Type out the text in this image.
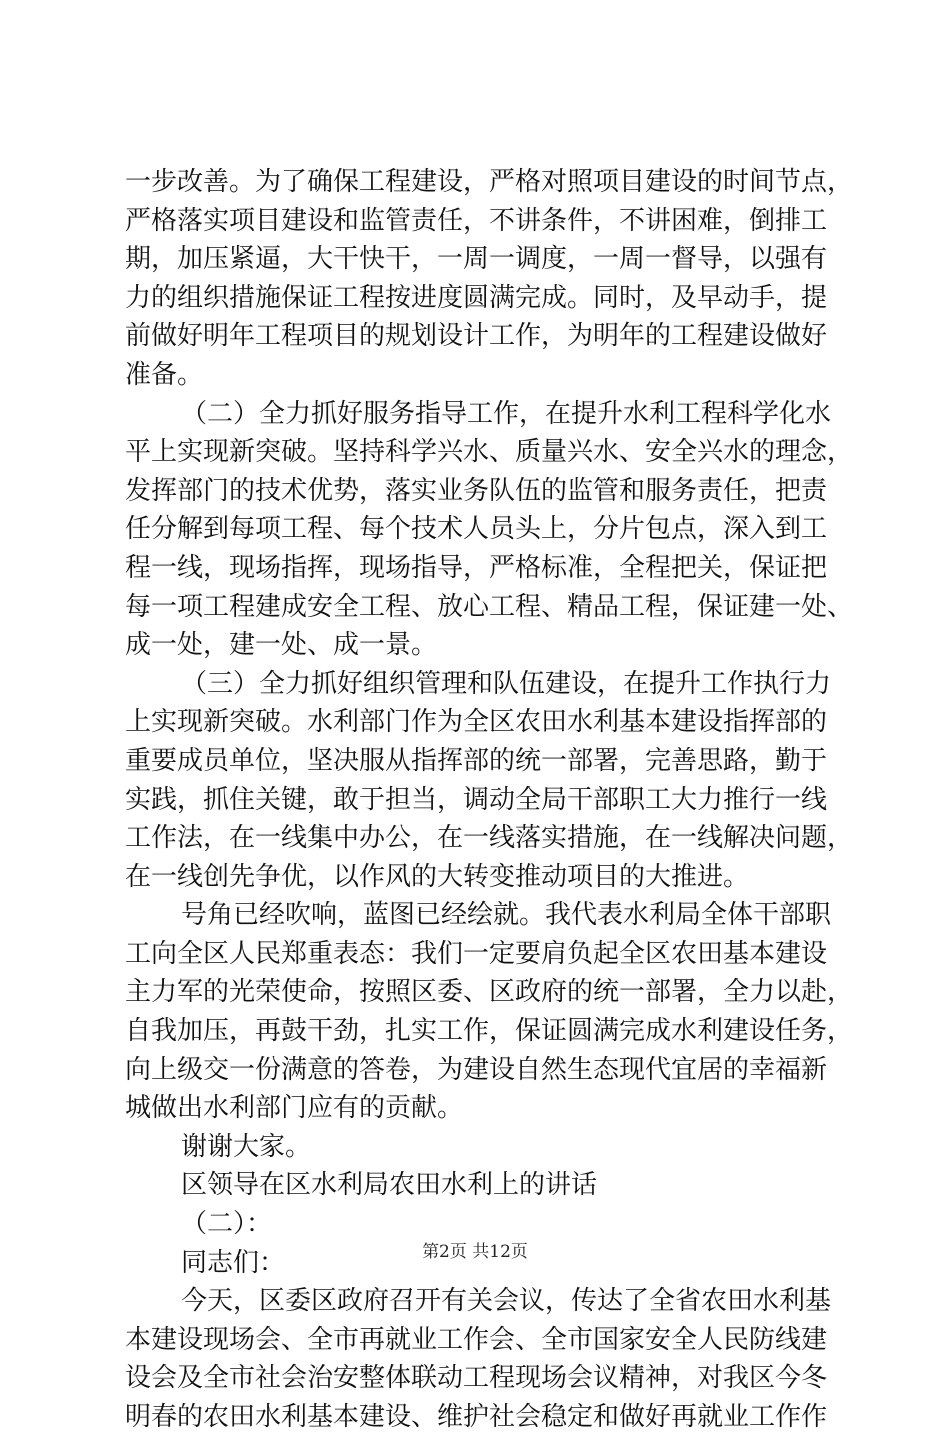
一步改善。为了确保工程建设，严格对照项目建设的时间节点，
严格落实项目建设和监管责任，不讲条件，不讲困难，倒排工
期，加压紧逼，大干快干，一周一调度，一周一督导，以强有
力的组织措施保证工程按进度圆满完成。同时，及早动手，提
前做好明年工程项目的规划设计工作，为明年的工程建设做好
准备。
（二）全力抓好服务指导工作，在提升水利工程科学化水
平上实现新突破。坚持科学兴水、质量兴水、安全兴水的理念，
发挥部门的技术优势，落实业务队伍的监管和服务责任，把责
任分解到每项工程、每个技术人员头上，分片包点，深入到工
程一线，现场指挥，现场指导，严格标准，全程把关，保证把
每一项工程建成安全工程、放心工程、精品工程，保证建一处、
成一处，建一处、成一景。
（三）全力抓好组织管理和队伍建设，在提升工作执行力
上实现新突破。水利部门作为全区农田水利基本建设指挥部的
重要成员单位，坚决服从指挥部的统一部署，完善思路，勤于
实践，抓住关键，敢于担当，调动全局干部职工大力推行一线
工作法，在一线集中办公，在一线落实措施，在一线解决问题，
在一线创先争优，以作风的大转变推动项目的大推进。
号角已经吹响，蓝图已经绘就。我代表水利局全体干部职
工向全区人民郑重表态：我们一定要肩负起全区农田基本建设
主力军的光荣使命，按照区委、区政府的统一部署，全力以赴，
自我加压，再鼓干劲，扎实工作，保证圆满完成水利建设任务，
向上级交一份满意的答卷，为建设自然生态现代宜居的幸福新
城做出水利部门应有的贡献。
谢谢大家。
区领导在区水利局农田水利上的讲话
（二）：
同志们：
今天，区委区政府召开有关会议，传达了全省农田水利基
本建设现场会、全市再就业工作会、全市国家安全人民防线建
设会及全市社会治安整体联动工程现场会议精神，对我区今冬
明春的农田水利基本建设、维护社会稳定和做好再就业工作作
第2页 共12页
